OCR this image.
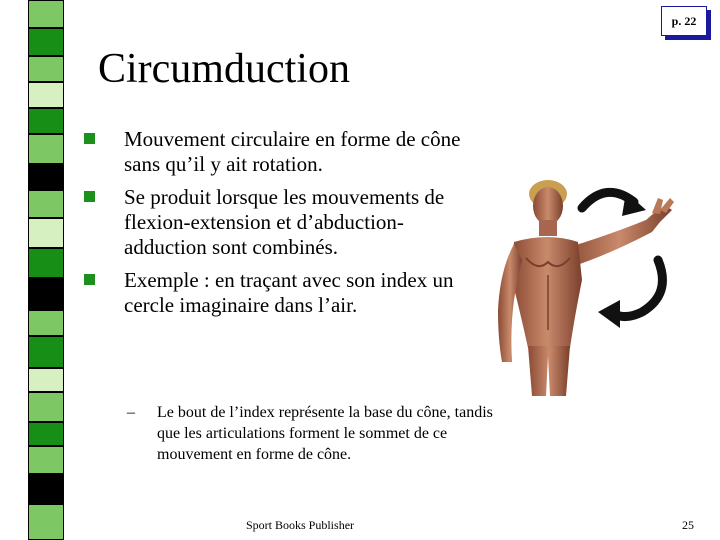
p. 22
Circumduction
Mouvement circulaire en forme de cône sans qu’il y ait rotation.
Se produit lorsque les mouvements de flexion-extension et d’abduction-adduction sont combinés.
Exemple : en traçant avec son index un cercle imaginaire dans l’air.
– Le bout de l’index représente la base du cône, tandis que les articulations forment le sommet de ce mouvement en forme de cône.
Sport Books Publisher	25
